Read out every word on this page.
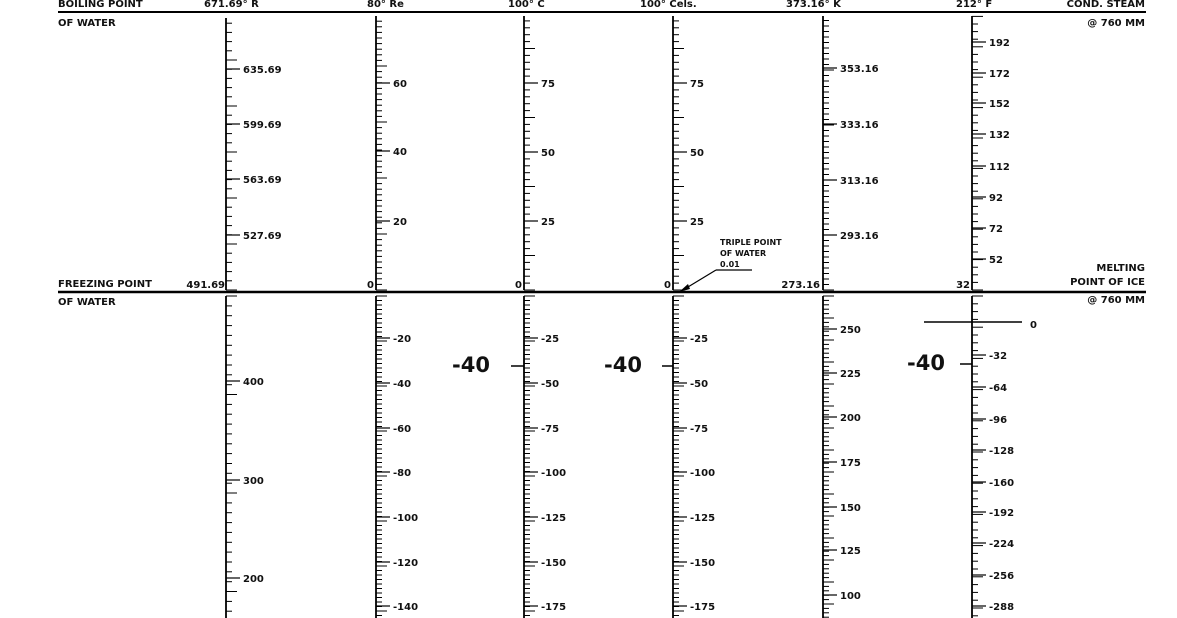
BOILING POINT	671.69° R	80° Re	100° C	100° Cels.	373.16° K	212° F	COND. STEAM
OF WATER	@ 760 MM
FREEZING POINT
OF WATER
MELTING
POINT OF ICE
@ 760 MM
491.69	0	0	0	273.16	32
TRIPLE POINT
OF WATER
0.01
-40	-40	-40
635.69
599.69
563.69
527.69
400
300
200
60
40
20
-20
-40
-60
-80
-100
-120
-140
75
50
25
-25
-50
-75
-100
-125
-150
-175
75
50
25
-25
-50
-75
-100
-125
-150
-175
353.16
333.16
313.16
293.16
250
225
200
175
150
125
100
192
172
152
132
112
92
72
52
0
-32
-64
-96
-128
-160
-192
-224
-256
-288
